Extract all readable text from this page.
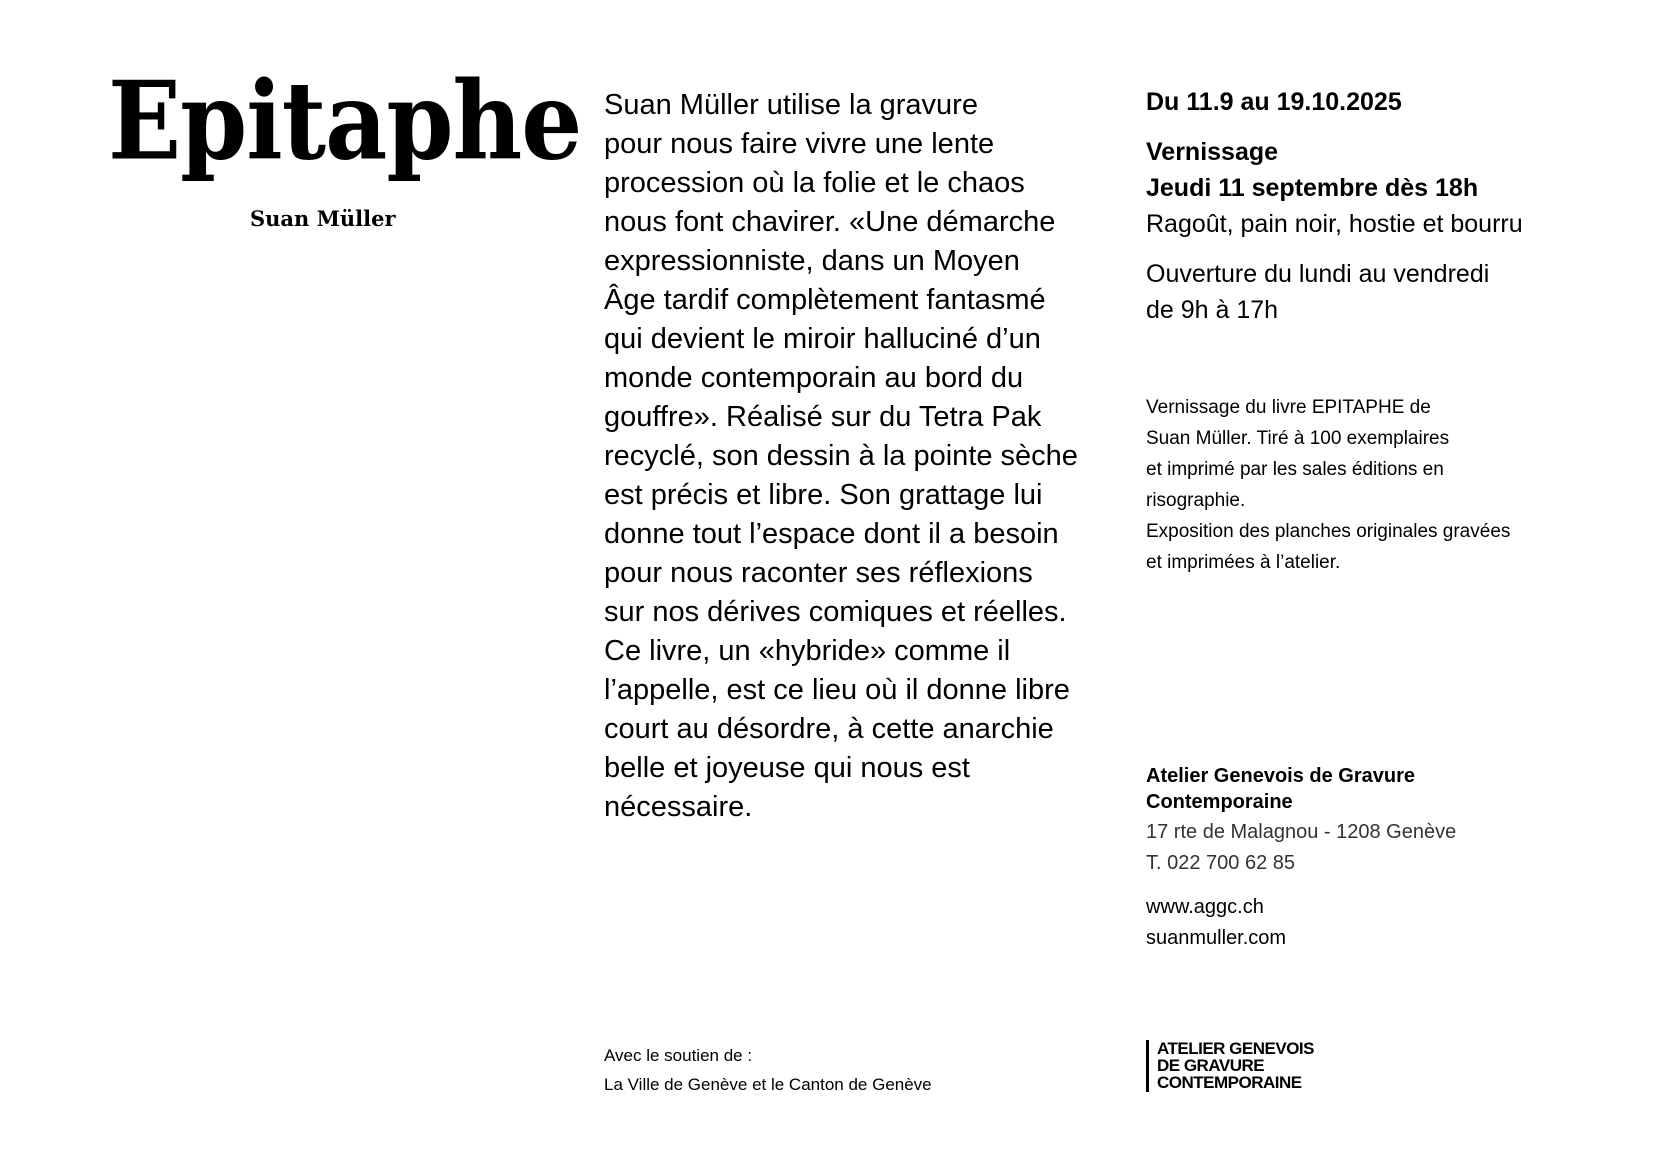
Epitaphe
Suan Müller
Suan Müller utilise la gravure
pour nous faire vivre une lente
procession où la folie et le chaos
nous font chavirer. «Une démarche
expressionniste, dans un Moyen
Âge tardif complètement fantasmé
qui devient le miroir halluciné d’un
monde contemporain au bord du
gouffre». Réalisé sur du Tetra Pak
recyclé, son dessin à la pointe sèche
est précis et libre. Son grattage lui
donne tout l’espace dont il a besoin
pour nous raconter ses réflexions
sur nos dérives comiques et réelles.
Ce livre, un «hybride» comme il
l’appelle, est ce lieu où il donne libre
court au désordre, à cette anarchie
belle et joyeuse qui nous est
nécessaire.
Du 11.9 au 19.10.2025
Vernissage
Jeudi 11 septembre dès 18h
Ragoût, pain noir, hostie et bourru
Ouverture du lundi au vendredi
de 9h à 17h
Vernissage du livre EPITAPHE de
Suan Müller. Tiré à 100 exemplaires
et imprimé par les sales éditions en
risographie.
Exposition des planches originales gravées
et imprimées à l’atelier.
Atelier Genevois de Gravure
Contemporaine
17 rte de Malagnou - 1208 Genève
T. 022 700 62 85
www.aggc.ch
suanmuller.com
Avec le soutien de :
La Ville de Genève et le Canton de Genève
ATELIER GENEVOIS
DE GRAVURE
CONTEMPORAINE
